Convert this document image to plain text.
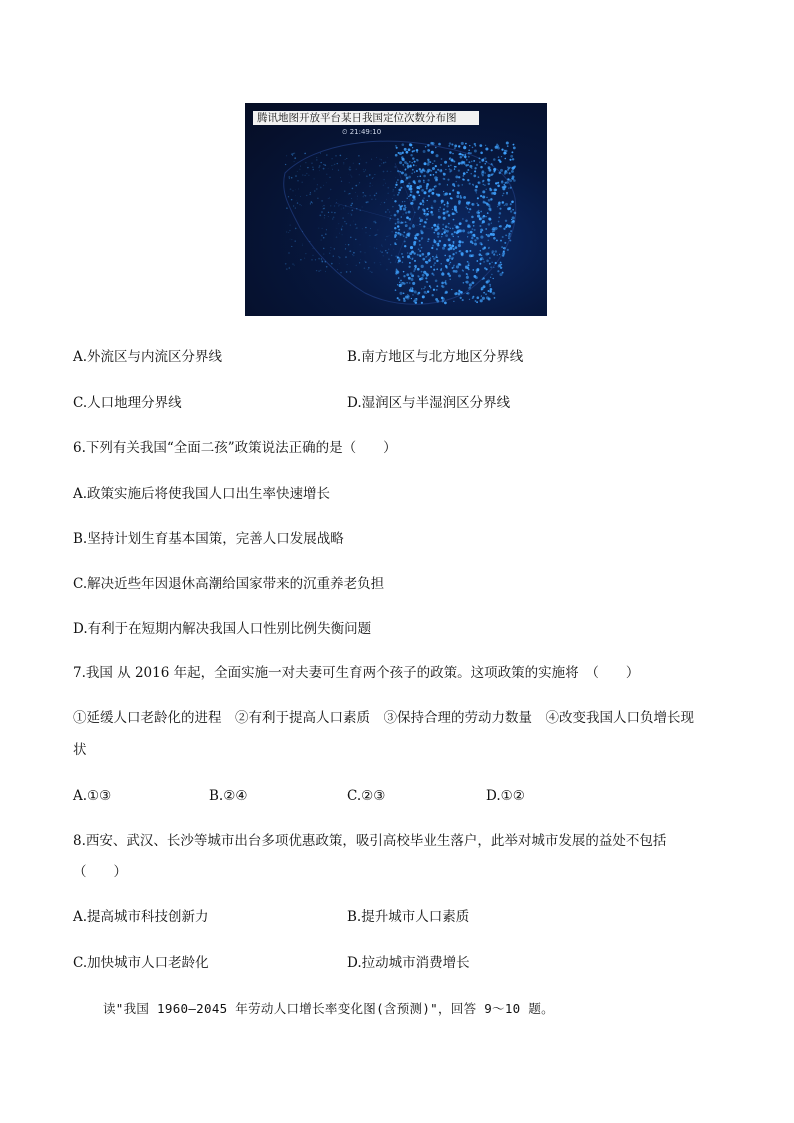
腾讯地图开放平台某日我国定位次数分布图
⏲ 21:49:10
A.外流区与内流区分界线	B.南方地区与北方地区分界线
C.人口地理分界线	D.湿润区与半湿润区分界线
6.下列有关我国“全面二孩”政策说法正确的是（　　）
A.政策实施后将使我国人口出生率快速增长
B.坚持计划生育基本国策，完善人口发展战略
C.解决近些年因退休高潮给国家带来的沉重养老负担
D.有利于在短期内解决我国人口性别比例失衡问题
7.我国 从 2016 年起，全面实施一对夫妻可生育两个孩子的政策。这项政策的实施将　（　　）
①延缓人口老龄化的进程　②有利于提高人口素质　③保持合理的劳动力数量　④改变我国人口负增长现
状
A.①③	B.②④	C.②③	D.①②
8.西安、武汉、长沙等城市出台多项优惠政策，吸引高校毕业生落户，此举对城市发展的益处不包括
（　　）
A.提高城市科技创新力	B.提升城市人口素质
C.加快城市人口老龄化	D.拉动城市消费增长
读"我国 1960—2045 年劳动人口增长率变化图(含预测)"，回答 9～10 题。
